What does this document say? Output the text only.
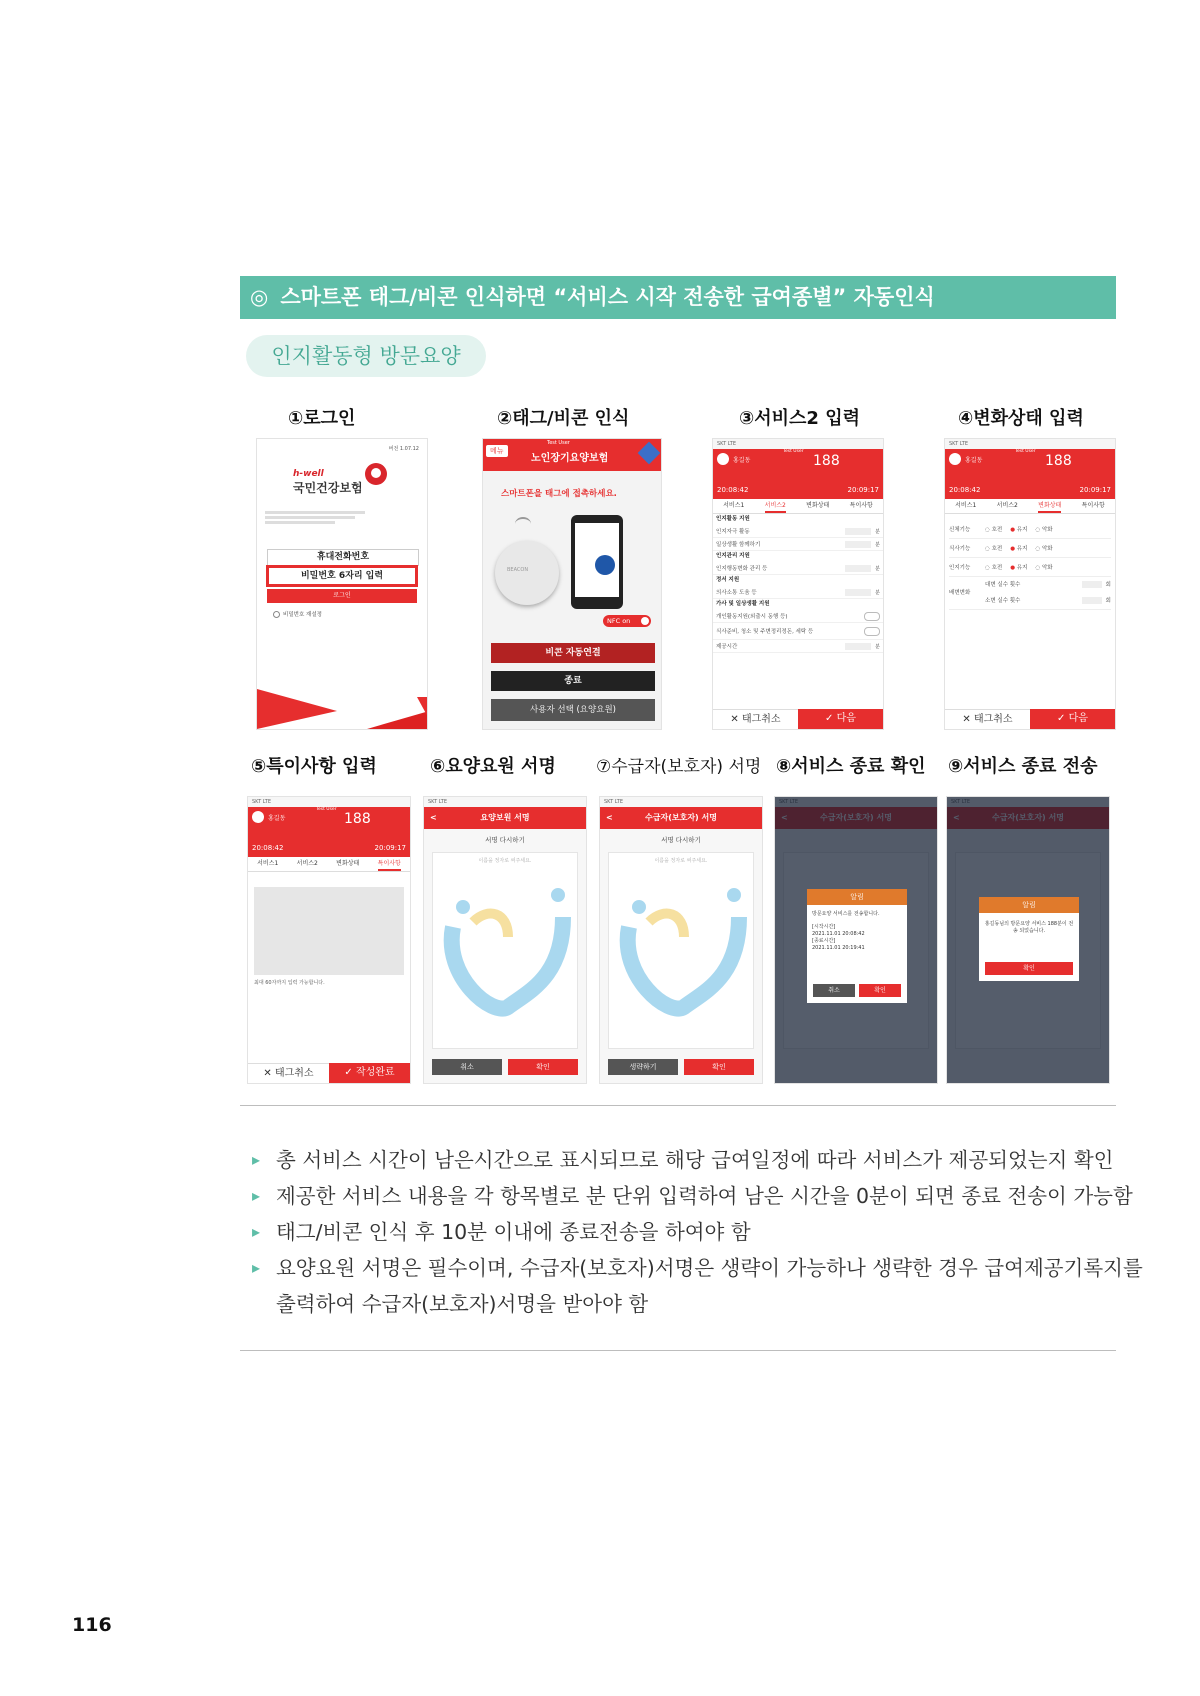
◎ 스마트폰 태그/비콘 인식하면 “서비스 시작 전송한 급여종별” 자동인식
인지활동형 방문요양
①로그인	②태그/비콘 인식	③서비스2 입력	④변화상태 입력
버전 1.07.12
h-well
국민건강보험
휴대전화번호
비밀번호 6자리 입력
로그인
비밀번호 재설정
메뉴
Test User
노인장기요양보험
스마트폰을 태그에 접촉하세요.
BEACON
NFC on
비콘 자동연결
종료
사용자 선택 (요양요원)
SKT LTE
홍길동
Test User
188
20:08:42	20:09:17
서비스1	서비스2	변화상태	특이사항
인지활동 지원
인지자극 활동	분
일상생활 함께하기	분
인지관리 지원
인지행동변화 관리 등	분
정서 지원
의사소통 도움 등	분
가사 및 일상생활 지원
개인활동지원(외출시 동행 등)
식사준비, 청소 및 주변정리정돈, 세탁 등
제공시간	분
✕ 태그취소	✓ 다음
SKT LTE
홍길동
Test User
188
20:08:42	20:09:17
서비스1	서비스2	변화상태	특이사항
신체기능	◌ 호전 ● 유지 ◌ 악화
식사기능	◌ 호전 ● 유지 ◌ 악화
인지기능	◌ 호전 ● 유지 ◌ 악화
배변변화
대변 실수 횟수	회
소변 실수 횟수	회
✕ 태그취소	✓ 다음
⑤특이사항 입력	⑥요양요원 서명 ⑦수급자(보호자) 서명 ⑧서비스 종료 확인 ⑨서비스 종료 전송
SKT LTE
홍길동
Test User
188
20:08:42	20:09:17
서비스1	서비스2	변화상태	특이사항
최대 60자까지 입력 가능합니다.
✕ 태그취소	✓ 작성완료
SKT LTE
<	요양보원 서명
서명 다시하기
이름을 정자로 써주세요.
취소	확인
SKT LTE
<	수급자(보호자) 서명
서명 다시하기
이름을 정자로 써주세요.
생략하기	확인
알림
방문요양 서비스를 전송합니다.
[시작시간]
2021.11.01 20:08:42
[종료시간]
2021.11.01 20:19:41
취소	확인
알림
홍길동님의 방문요양 서비스 188분이 전송 되었습니다.
확인
▸ 총 서비스 시간이 남은시간으로 표시되므로 해당 급여일정에 따라 서비스가 제공되었는지 확인
▸ 제공한 서비스 내용을 각 항목별로 분 단위 입력하여 남은 시간을 0분이 되면 종료 전송이 가능함
▸ 태그/비콘 인식 후 10분 이내에 종료전송을 하여야 함
▸ 요양요원 서명은 필수이며, 수급자(보호자)서명은 생략이 가능하나 생략한 경우 급여제공기록지를
출력하여 수급자(보호자)서명을 받아야 함
116
